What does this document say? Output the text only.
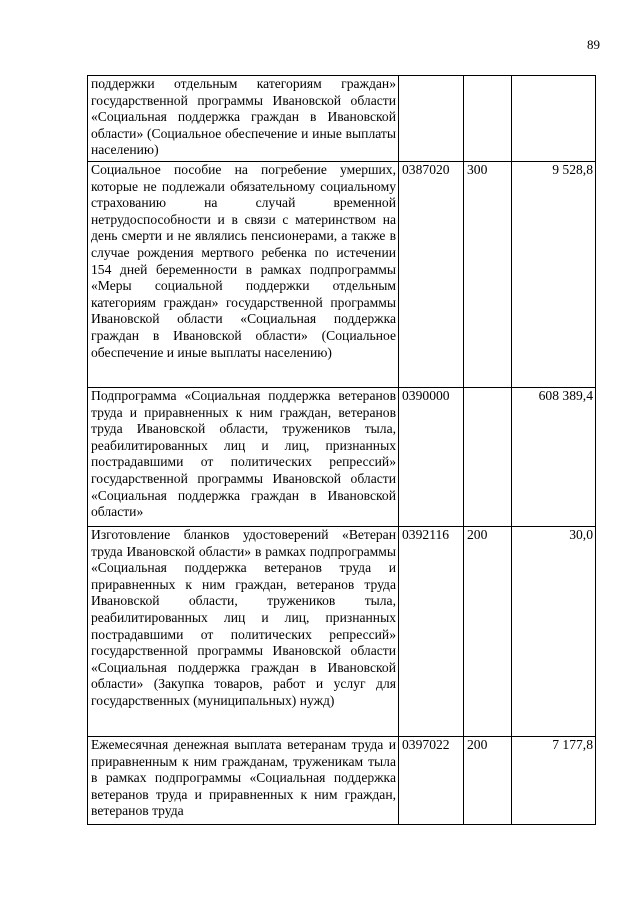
89
поддержки отдельным категориям граждан» государственной программы Ивановской области «Социальная поддержка граждан в Ивановской области» (Социальное обеспечение и иные выплаты населению)			
Социальное пособие на погребение умерших, которые не подлежали обязательному социальному страхованию на случай временной нетрудоспособности и в связи с материнством на день смерти и не являлись пенсионерами, а также в случае рождения мертвого ребенка по истечении 154 дней беременности в рамках подпрограммы «Меры социальной поддержки отдельным категориям граждан» государственной программы Ивановской области «Социальная поддержка граждан в Ивановской области» (Социальное обеспечение и иные выплаты населению)	0387020	300	9 528,8
Подпрограмма «Социальная поддержка ветеранов труда и приравненных к ним граждан, ветеранов труда Ивановской области, тружеников тыла, реабилитированных лиц и лиц, признанных пострадавшими от политических репрессий» государственной программы Ивановской области «Социальная поддержка граждан в Ивановской области»	0390000		608 389,4
Изготовление бланков удостоверений «Ветеран труда Ивановской области» в рамках подпрограммы «Социальная поддержка ветеранов труда и приравненных к ним граждан, ветеранов труда Ивановской области, тружеников тыла, реабилитированных лиц и лиц, признанных пострадавшими от политических репрессий» государственной программы Ивановской области «Социальная поддержка граждан в Ивановской области» (Закупка товаров, работ и услуг для государственных (муниципальных) нужд)	0392116	200	30,0
Ежемесячная денежная выплата ветеранам труда и приравненным к ним гражданам, труженикам тыла в рамках подпрограммы «Социальная поддержка ветеранов труда и приравненных к ним граждан, ветеранов труда	0397022	200	7 177,8
